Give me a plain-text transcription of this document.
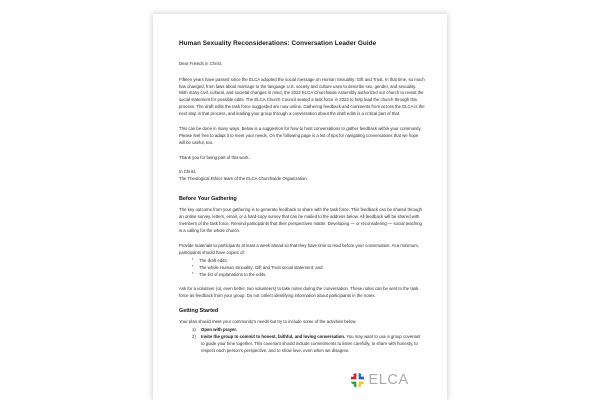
Human Sexuality Reconsiderations: Conversation Leader Guide
Dear Friends in Christ,

Fifteen years have passed since the ELCA adopted the social message on Human Sexuality: Gift and Trust. In that time, so much has changed, from laws about marriage to the language U.S. society and culture uses to describe sex, gender, and sexuality. With many civil, cultural, and societal changes in mind, the 2022 ELCA Churchwide Assembly authorized our church to revisit the social statement for possible edits. The ELCA Church Council seated a task force in 2024 to help lead the church through this process. The draft edits the task force suggested are now online. Gathering feedback and comments from across the ELCA is the next step in that process, and leading your group through a conversation about the draft edits is a critical part of that.

This can be done in many ways. Below is a suggestion for how to host conversations to gather feedback within your community. Please feel free to adapt it to meet your needs. On the following page is a list of tips for navigating conversations that we hope will be useful, too.

Thank you for being part of this work.

In Christ,
The Theological Ethics team of the ELCA Churchwide Organization
Before Your Gathering

The key outcome from your gathering is to generate feedback to share with the task force. This feedback can be shared through an online survey, letters, email, or a hard-copy survey that can be mailed to the address below. All feedback will be shared with members of the task force. Remind participants that their perspectives matter. Developing — or reconsidering — social teaching is a calling for the whole church.

Provide materials to participants at least a week ahead so that they have time to read before your conversation. At a minimum, participants should have copies of:

▪ The draft edits;
▪ The whole Human Sexuality: Gift and Trust social statement; and
▪ The list of explanations to the edits.

Ask for a volunteer (or, even better, two volunteers) to take notes during the conversation. These notes can be sent to the task force as feedback from your group. Do not collect identifying information about participants in the notes.

Getting Started

Your plan should meet your community’s needs but try to include some of the activities below.

Open with prayer.
Invite the group to commit to honest, faithful, and loving conversation. You may want to use a group covenant to guide your time together. This covenant should include commitments to listen carefully, to share with honesty, to respect each person’s perspective, and to show love, even when we disagree.
ELCA
